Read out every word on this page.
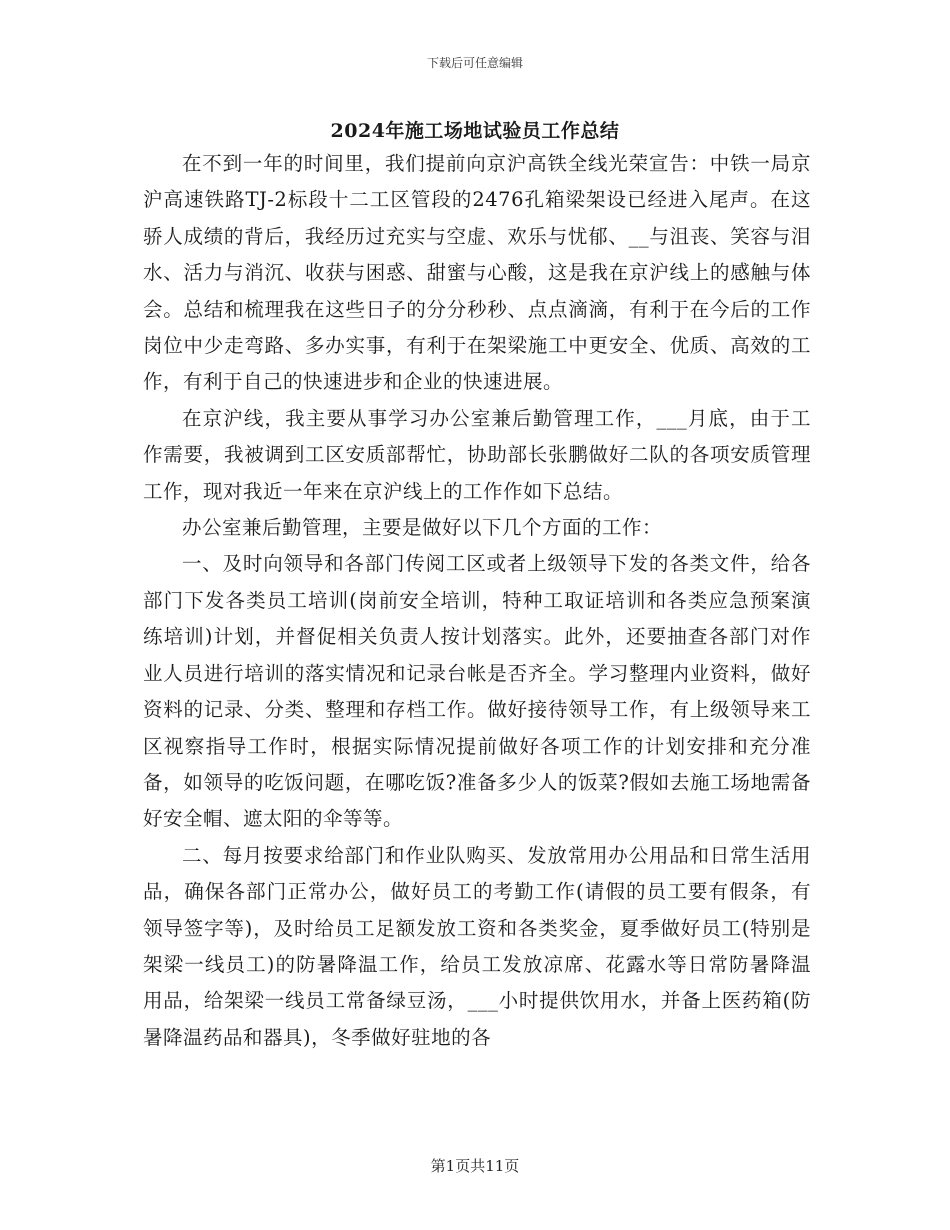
下载后可任意编辑
2024年施工场地试验员工作总结

在不到一年的时间里，我们提前向京沪高铁全线光荣宣告：中铁一局京沪高速铁路TJ-2标段十二工区管段的2476孔箱梁架设已经进入尾声。在这骄人成绩的背后，我经历过充实与空虚、欢乐与忧郁、__与沮丧、笑容与泪水、活力与消沉、收获与困惑、甜蜜与心酸，这是我在京沪线上的感触与体会。总结和梳理我在这些日子的分分秒秒、点点滴滴，有利于在今后的工作岗位中少走弯路、多办实事，有利于在架梁施工中更安全、优质、高效的工作，有利于自己的快速进步和企业的快速进展。

在京沪线，我主要从事学习办公室兼后勤管理工作，___月底，由于工作需要，我被调到工区安质部帮忙，协助部长张鹏做好二队的各项安质管理工作，现对我近一年来在京沪线上的工作作如下总结。

办公室兼后勤管理，主要是做好以下几个方面的工作：

一、及时向领导和各部门传阅工区或者上级领导下发的各类文件，给各部门下发各类员工培训(岗前安全培训，特种工取证培训和各类应急预案演练培训)计划，并督促相关负责人按计划落实。此外，还要抽查各部门对作业人员进行培训的落实情况和记录台帐是否齐全。学习整理内业资料，做好资料的记录、分类、整理和存档工作。做好接待领导工作，有上级领导来工区视察指导工作时，根据实际情况提前做好各项工作的计划安排和充分准备，如领导的吃饭问题，在哪吃饭?准备多少人的饭菜?假如去施工场地需备好安全帽、遮太阳的伞等等。

二、每月按要求给部门和作业队购买、发放常用办公用品和日常生活用品，确保各部门正常办公，做好员工的考勤工作(请假的员工要有假条，有领导签字等)，及时给员工足额发放工资和各类奖金，夏季做好员工(特别是架梁一线员工)的防暑降温工作，给员工发放凉席、花露水等日常防暑降温用品，给架梁一线员工常备绿豆汤，___小时提供饮用水，并备上医药箱(防暑降温药品和器具)，冬季做好驻地的各

第1页共11页
